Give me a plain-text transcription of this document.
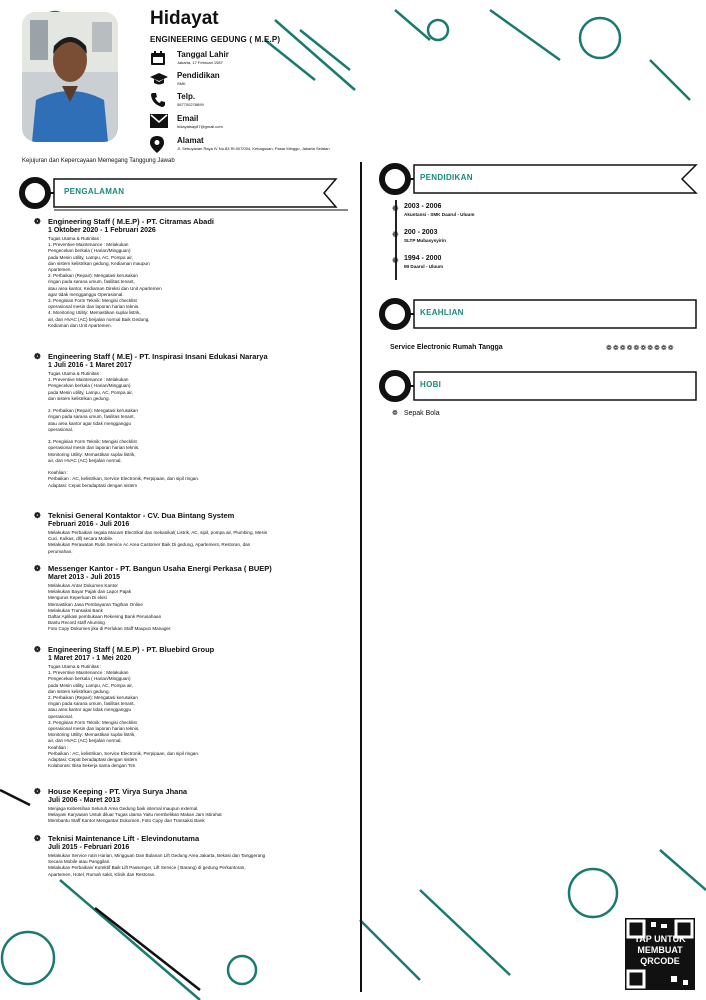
Hidayat
ENGINEERING GEDUNG ( M.E.P)
Tanggal Lahir
Jakarta, 17 Februari 1987
Pendidikan
SMK
Telp.
087700278899
Email
hidayatsay87@gmail.com
Alamat
Jl. Sebuyanan Raya IV No.83 Rt.007/004, Kebagusan, Pasar Minggu, Jakarta Selatan
Kejujuran dan Kepercayaan Memegang Tanggung Jawab
PENGALAMAN
PENDIDIKAN
❁ 2003 - 2006
Akuntansi - SMK Daarul - Uluum
❁ 200 - 2003
SLTP Mubasysyirin
❁ 1994 - 2000
MI Daarul - Uluum
KEAHLIAN
Service Electronic Rumah Tangga	❁❁❁❁❁❁❁❁❁❁
HOBI
❁ Sepak Bola
❁ Engineering Staff ( M.E.P) - PT. Citramas Abadi
1 Oktober 2020 - 1 Februari 2026
Tugas Utama & Rutinitas :
1. Preventive Maintenance : Melakukan
Pengecekan berkala ( Harian/Mingguan)
pada Mesin utility, Lampu, AC, Pompa air,
dan sistem kelistrikan gedung, Kediaman maupun
Apartemen.
2. Perbaikan (Repair): Mengatasi kerusakan
ringan pada sarana umum, fasilitas tenant,
atau area kantor, Kediaman Direksi dan Unit Apartemen
agar tidak mengganggu Operasional.
3. Pengisian Form Teknik: Mengisi checklist
operasional mesin dan laporan harian teknis.
4. Monitoring Utility: Memastikan suplai listrik,
air, dan HVAC (AC) berjalan normal Baik Gedung,
Kediaman dan Unit Apartemen.
❁ Engineering Staff ( M.E) - PT. Inspirasi Insani Edukasi Nararya
1 Juli 2016 - 1 Maret 2017
Tugas Utama & Rutinitas :
1. Preventive Maintenance : Melakukan
Pengecekan berkala ( Harian/Mingguan)
pada Mesin utility, Lampu, AC, Pompa air,
dan sistem kelistrikan gedung.

2. Perbaikan (Repair): Mengatasi kerusakan
ringan pada sarana umum, fasilitas tenant,
atau area kantor agar tidak mengganggu
operasional.

3. Pengisian Form Teknik: Mengisi checklist
operasional mesin dan laporan harian teknis.
Monitoring Utility: Memastikan suplai listrik,
air, dan HVAC (AC) berjalan normal.

Keahlian :
Perbaikan : AC, kelistrikan, Service Electronik, Perpipaan, dan sipil ringan.
Adaptasi: Cepat beradaptasi dengan sistem
❁ Teknisi General Kontaktor - CV. Dua Bintang System
Februari 2016 - Juli 2016
Melakukan Perbaikan segala Macam Electrikal dan mekanikal( Listrik, AC, sipil, pompa air, Plumbing, Mesin
Cuci, Kulkas, dll) secara Mobile.
Melakukan Perawatan Rutin Service Ac Area Customer Baik Di gedung, Apartement, Restoran, dan
perumahan.
❁ Messenger Kantor - PT. Bangun Usaha Energi Perkasa ( BUEP)
Maret 2013 - Juli 2015
Melakukan Antar Dokumen Kantor
Melakukan Bayar Pajak dan Lapor Pajak
Mengurus Keperluan Di ekisi
Memastikan Jasa Pembayaran Tagihan Online
Melakukan Transaksi Bank
Daftar Aplikasi pembukaan Rekening Bank Perusahaan
Bantu Record staff Akunting
Foto Copy Dokumen jika di Perlukan Staff Maupun Manager.
❁ Engineering Staff ( M.E.P) - PT. Bluebird Group
1 Maret 2017 - 1 Mei 2020
Tugas Utama & Rutinitas :
1. Preventive Maintenance : Melakukan
Pengecekan berkala ( Harian/Mingguan)
pada Mesin utility, Lampu, AC, Pompa air,
dan sistem kelistrikan gedung.
2. Perbaikan (Repair): Mengatasi kerusakan
ringan pada sarana umum, fasilitas tenant,
atau area kantor agar tidak mengganggu
operasional.
3. Pengisian Form Teknik: Mengisi checklist
operasional mesin dan laporan harian teknis.
Monitoring Utility: Memastikan suplai listrik,
air, dan HVAC (AC) berjalan normal.
Keahlian :
Perbaikan : AC, kelistrikan, Service Electronik, Perpipaan, dan sipil ringan.
Adaptasi: Cepat beradaptasi dengan sistem
Kolaborasi: Bisa bekerja sama dengan Tim
❁ House Keeping - PT. Virya Surya Jhana
Juli 2006 - Maret 2013
Menjaga Kebersihan Seluruh Area Gedung baik internal maupun external.
Melayani Karyawan Untuk diluar Tugas utama Yaitu membelikan Makan Jam Istirahat
Membantu Staff Kantor Mengantar Dokumen, Foto Copy dan Transaksi Bank
❁ Teknisi Maintenance Lift - Elevindonutama
Juli 2015 - Februari 2016
Melakukan Service rutin Harian, Mingguan Dan Bulanan Lift Gedung Area Jakarta, Bekasi dan Tanggerang
Secara Mobile atau Panggilan.
Melakukan Perbaikan/ Korektif Baik Lift Passenger, Lift Service ( Barang) di gedung Perkantoran,
Apartemen, Hotel, Rumah sakit, Klinik dan Restoran.
TAP UNTUK MEMBUAT QRCODE
